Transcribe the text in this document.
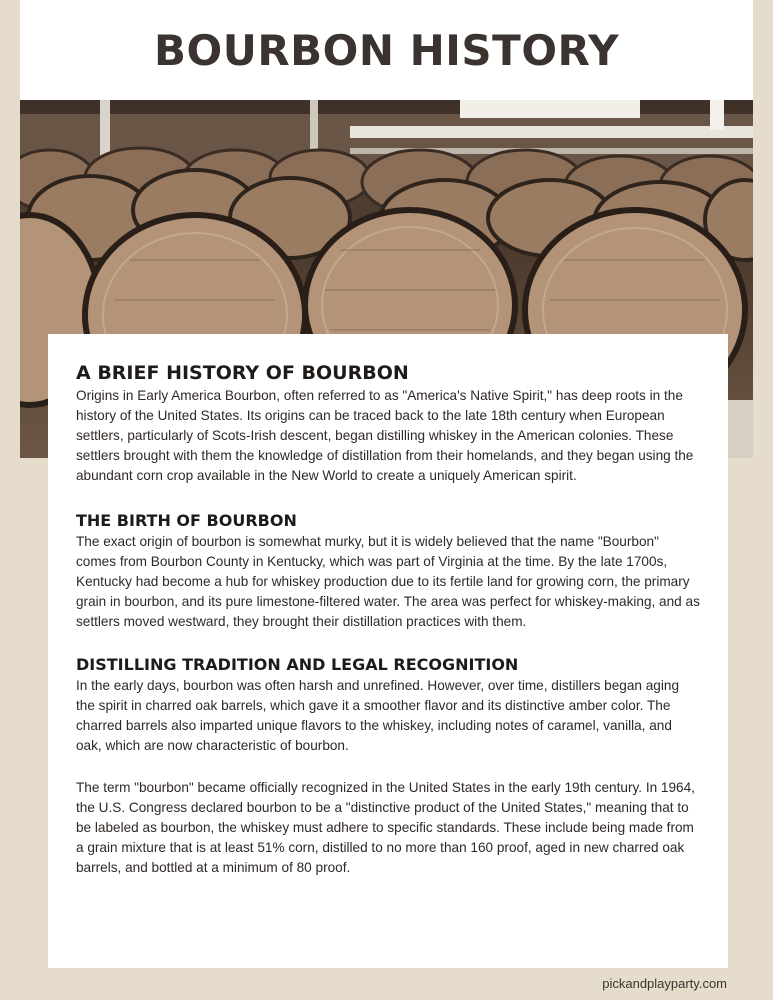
BOURBON HISTORY
A BRIEF HISTORY OF BOURBON

Origins in Early America Bourbon, often referred to as "America's Native Spirit," has deep roots in the history of the United States. Its origins can be traced back to the late 18th century when European settlers, particularly of Scots-Irish descent, began distilling whiskey in the American colonies. These settlers brought with them the knowledge of distillation from their homelands, and they began using the abundant corn crop available in the New World to create a uniquely American spirit.

THE BIRTH OF BOURBON

The exact origin of bourbon is somewhat murky, but it is widely believed that the name "Bourbon" comes from Bourbon County in Kentucky, which was part of Virginia at the time. By the late 1700s, Kentucky had become a hub for whiskey production due to its fertile land for growing corn, the primary grain in bourbon, and its pure limestone-filtered water. The area was perfect for whiskey-making, and as settlers moved westward, they brought their distillation practices with them.

DISTILLING TRADITION AND LEGAL RECOGNITION

In the early days, bourbon was often harsh and unrefined. However, over time, distillers began aging the spirit in charred oak barrels, which gave it a smoother flavor and its distinctive amber color. The charred barrels also imparted unique flavors to the whiskey, including notes of caramel, vanilla, and oak, which are now characteristic of bourbon.

The term "bourbon" became officially recognized in the United States in the early 19th century. In 1964, the U.S. Congress declared bourbon to be a "distinctive product of the United States," meaning that to be labeled as bourbon, the whiskey must adhere to specific standards. These include being made from a grain mixture that is at least 51% corn, distilled to no more than 160 proof, aged in new charred oak barrels, and bottled at a minimum of 80 proof.

pickandplayparty.com
